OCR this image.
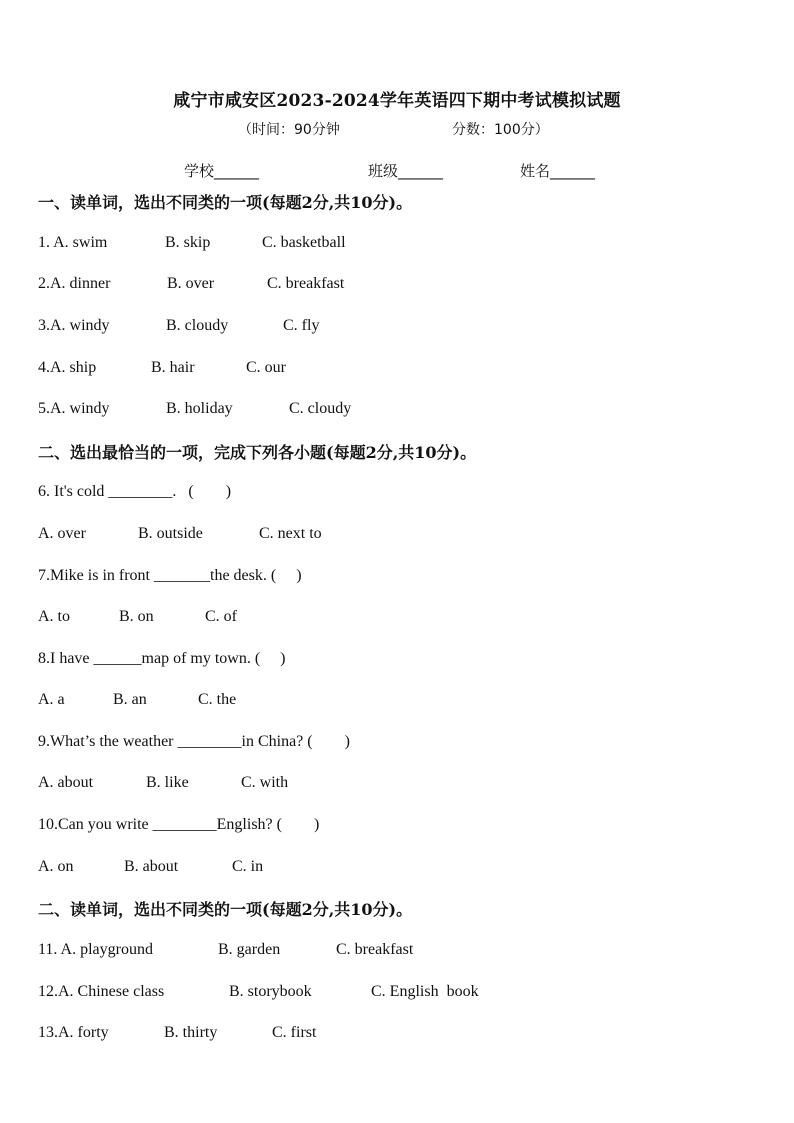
咸宁市咸安区2023-2024学年英语四下期中考试模拟试题
（时间：90分钟	分数：100分）
学校______	班级______	姓名______
一、读单词，选出不同类的一项(每题2分,共10分)。

1. A. swim

	B. skip

	C. basketball

2.A. dinner

	B. over

	C. breakfast

3.A. windy

	B. cloudy

	C. fly

4.A. ship

	B. hair

	C. our

5.A. windy

	B. holiday

	C. cloudy

二、选出最恰当的一项，完成下列各小题(每题2分,共10分)。
6. It's cold ________.   (        )

A. over

	B. outside

	C. next to

7.Mike is in front _______the desk. (     )

A. to

	B. on

	C. of

8.I have ______map of my town. (     )

A. a

	B. an

	C. the

9.What’s the weather ________in China? (        )

A. about

	B. like

	C. with

10.Can you write ________English? (        )

A. on

	B. about

	C. in

二、读单词，选出不同类的一项(每题2分,共10分)。

11. A. playground

	B. garden

	C. breakfast

12.A. Chinese class

	B. storybook

	C. English  book

13.A. forty

	B. thirty

	C. first
